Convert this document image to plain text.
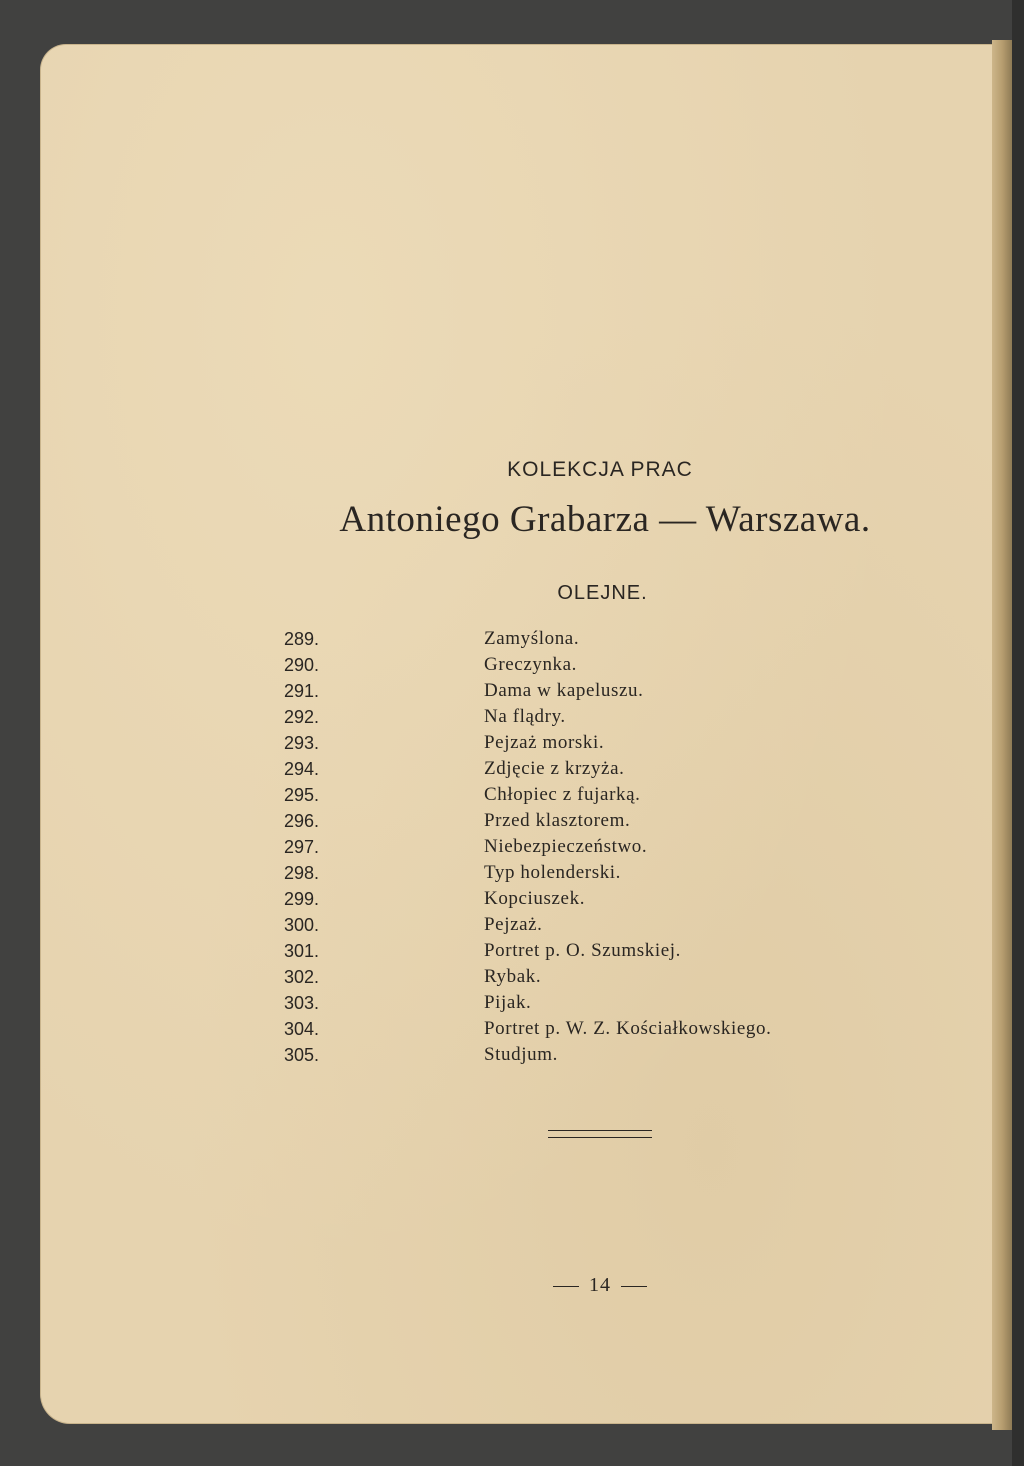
KOLEKCJA PRAC
Antoniego Grabarza — Warszawa.
OLEJNE.
289.	Zamyślona.
290.	Greczynka.
291.	Dama w kapeluszu.
292.	Na flądry.
293.	Pejzaż morski.
294.	Zdjęcie z krzyża.
295.	Chłopiec z fujarką.
296.	Przed klasztorem.
297.	Niebezpieczeństwo.
298.	Typ holenderski.
299.	Kopciuszek.
300.	Pejzaż.
301.	Portret p. O. Szumskiej.
302.	Rybak.
303.	Pijak.
304.	Portret p. W. Z. Kościałkowskiego.
305.	Studjum.
14
